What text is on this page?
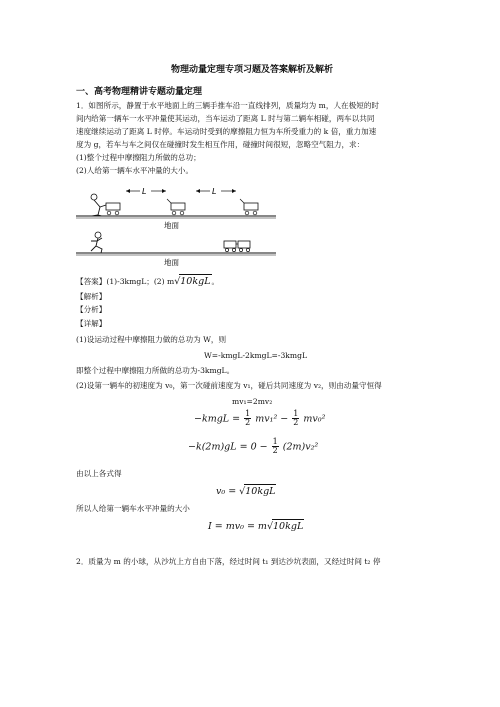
物理动量定理专项习题及答案解析及解析
一、高考物理精讲专题动量定理
1．如图所示，静置于水平地面上的三辆手推车沿一直线排列，质量均为 m，人在极短的时
间内给第一辆车一水平冲量使其运动，当车运动了距离 L 时与第二辆车相碰，两车以共同
速度继续运动了距离 L 时停。车运动时受到的摩擦阻力恒为车所受重力的 k 倍，重力加速
度为 g，若车与车之间仅在碰撞时发生相互作用，碰撞时间很短，忽略空气阻力，求：
(1)整个过程中摩擦阻力所做的总功；
(2)人给第一辆车水平冲量的大小。
L	L
地面
地面
【答案】(1)-3kmgL；(2) m√10kgL。
【解析】
【分析】
【详解】
(1)设运动过程中摩擦阻力做的总功为 W，则
W=-kmgL-2kmgL=-3kmgL
即整个过程中摩擦阻力所做的总功为-3kmgL。
(2)设第一辆车的初速度为 v₀，第一次碰前速度为 v₁，碰后共同速度为 v₂，则由动量守恒得
mv₁=2mv₂
−kmgL = $\frac{1}{2} mv_1^2 - \frac{1}{2} mv_0^2$
$-k(2m)gL = 0 - \frac{1}{2} (2m)v_2^2$
由以上各式得
v₀ = √10kgL
所以人给第一辆车水平冲量的大小
I = mv₀ = m√10kgL
2．质量为 m 的小球，从沙坑上方自由下落，经过时间 t₁ 到达沙坑表面，又经过时间 t₂ 停
